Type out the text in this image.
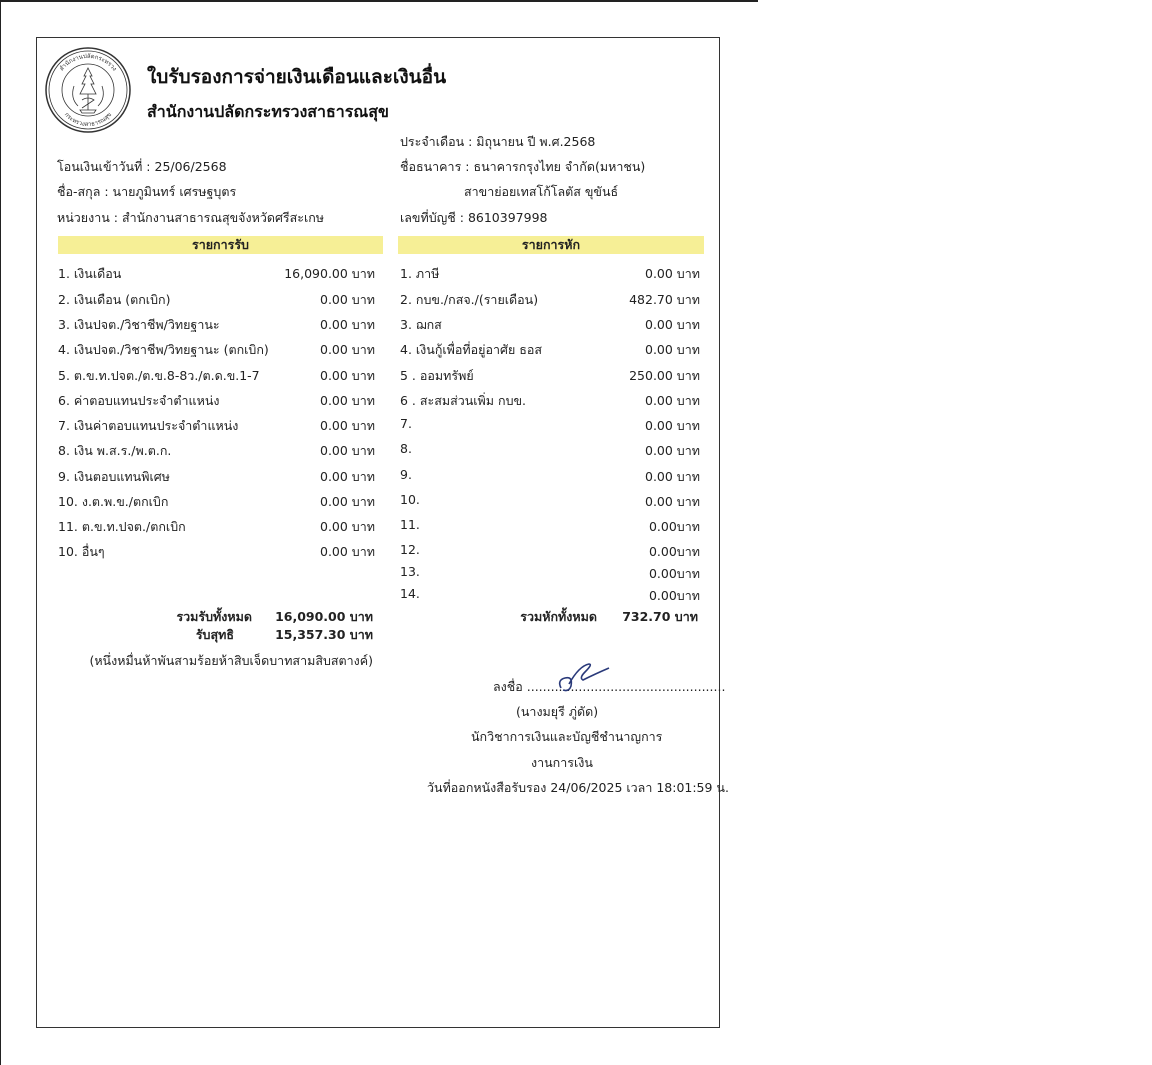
สำนักงานปลัดกระทรวง
กระทรวงสาธารณสุข
ใบรับรองการจ่ายเงินเดือนและเงินอื่น
สำนักงานปลัดกระทรวงสาธารณสุข
ประจำเดือน : มิถุนายน ปี พ.ศ.2568
โอนเงินเข้าวันที่ : 25/06/2568	ชื่อธนาคาร : ธนาคารกรุงไทย จำกัด(มหาชน)
ชื่อ-สกุล : นายภูมินทร์ เศรษฐบุตร	สาขาย่อยเทสโก้โลตัส ขุขันธ์
หน่วยงาน : สำนักงานสาธารณสุขจังหวัดศรีสะเกษ	เลขที่บัญชี : 8610397998
รายการรับ	รายการหัก
1. เงินเดือน	16,090.00 บาท
2. เงินเดือน (ตกเบิก)	0.00 บาท
3. เงินปจต./วิชาชีพ/วิทยฐานะ	0.00 บาท
4. เงินปจต./วิชาชีพ/วิทยฐานะ (ตกเบิก)	0.00 บาท
5. ต.ข.ท.ปจต./ต.ข.8-8ว./ต.ด.ข.1-7	0.00 บาท
6. ค่าตอบแทนประจำตำแหน่ง	0.00 บาท
7. เงินค่าตอบแทนประจำตำแหน่ง	0.00 บาท
8. เงิน พ.ส.ร./พ.ต.ก.	0.00 บาท
9. เงินตอบแทนพิเศษ	0.00 บาท
10. ง.ต.พ.ข./ตกเบิก	0.00 บาท
11. ต.ข.ท.ปจต./ตกเบิก	0.00 บาท
10. อื่นๆ	0.00 บาท
1. ภาษี	0.00 บาท
2. กบข./กสจ./(รายเดือน)	482.70 บาท
3. ฌกส	0.00 บาท
4. เงินกู้เพื่อที่อยู่อาศัย ธอส	0.00 บาท
5 . ออมทรัพย์	250.00 บาท
6 . สะสมส่วนเพิ่ม กบข.	0.00 บาท
7.	0.00 บาท
8.	0.00 บาท
9.	0.00 บาท
10.	0.00 บาท
11.	0.00บาท
12.	0.00บาท
13.	0.00บาท
14.	0.00บาท
รวมรับทั้งหมด 16,090.00 บาท
รับสุทธิ	15,357.30 บาท
(หนึ่งหมื่นห้าพันสามร้อยห้าสิบเจ็ดบาทสามสิบสตางค์)
รวมหักทั้งหมด 732.70 บาท
ลงชื่อ ..................................................
(นางมยุรี ภู่ดัด)
นักวิชาการเงินและบัญชีชำนาญการ
งานการเงิน
วันที่ออกหนังสือรับรอง 24/06/2025 เวลา 18:01:59 น.
